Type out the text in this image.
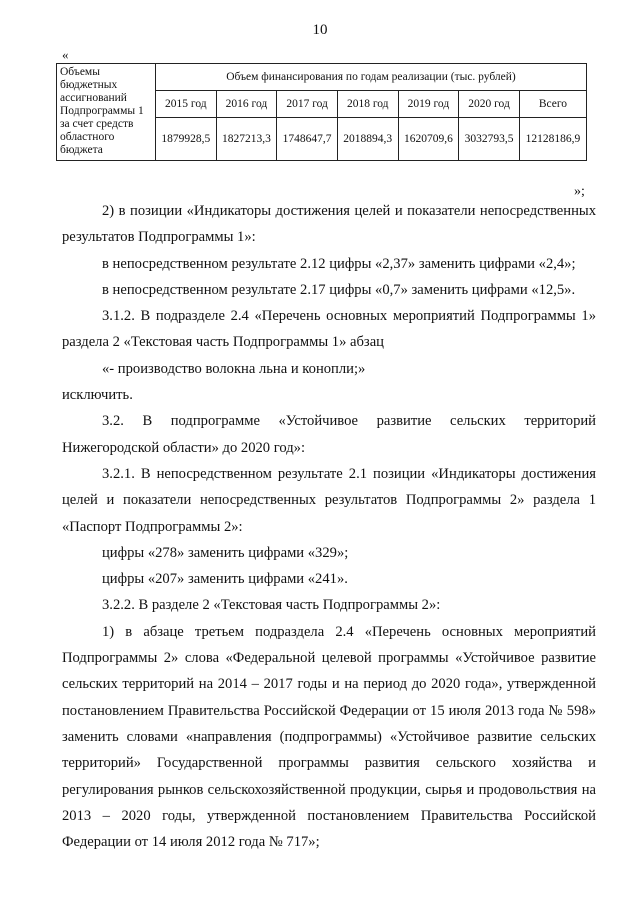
10
«
Объемы бюджетных ассигнований Подпрограммы 1 за счет средств областного бюджета	Объем финансирования по годам реализации (тыс. рублей)						
	2015 год	2016 год	2017 год	2018 год	2019 год	2020 год	Всего
	1879928,5	1827213,3	1748647,7	2018894,3	1620709,6	3032793,5	12128186,9
»;

2) в позиции «Индикаторы достижения целей и показатели непосредственных результатов Подпрограммы 1»:

в непосредственном результате 2.12 цифры «2,37» заменить цифрами «2,4»;

в непосредственном результате 2.17 цифры «0,7» заменить цифрами «12,5».

3.1.2. В подразделе 2.4 «Перечень основных мероприятий Подпрограммы 1» раздела 2 «Текстовая часть Подпрограммы 1» абзац

«- производство волокна льна и конопли;»

исключить.

3.2. В подпрограмме «Устойчивое развитие сельских территорий Нижегородской области» до 2020 год»:

3.2.1. В непосредственном результате 2.1 позиции «Индикаторы достижения целей и показатели непосредственных результатов Подпрограммы 2» раздела 1 «Паспорт Подпрограммы 2»:

цифры «278» заменить цифрами «329»;

цифры «207» заменить цифрами «241».

3.2.2. В разделе 2 «Текстовая часть Подпрограммы 2»:

1) в абзаце третьем подраздела 2.4 «Перечень основных мероприятий Подпрограммы 2» слова «Федеральной целевой программы «Устойчивое развитие сельских территорий на 2014 – 2017 годы и на период до 2020 года», утвержденной постановлением Правительства Российской Федерации от 15 июля 2013 года № 598» заменить словами «направления (подпрограммы) «Устойчивое развитие сельских территорий» Государственной программы развития сельского хозяйства и регулирования рынков сельскохозяйственной продукции, сырья и продовольствия на 2013 – 2020 годы, утвержденной постановлением Правительства Российской Федерации от 14 июля 2012 года № 717»;
